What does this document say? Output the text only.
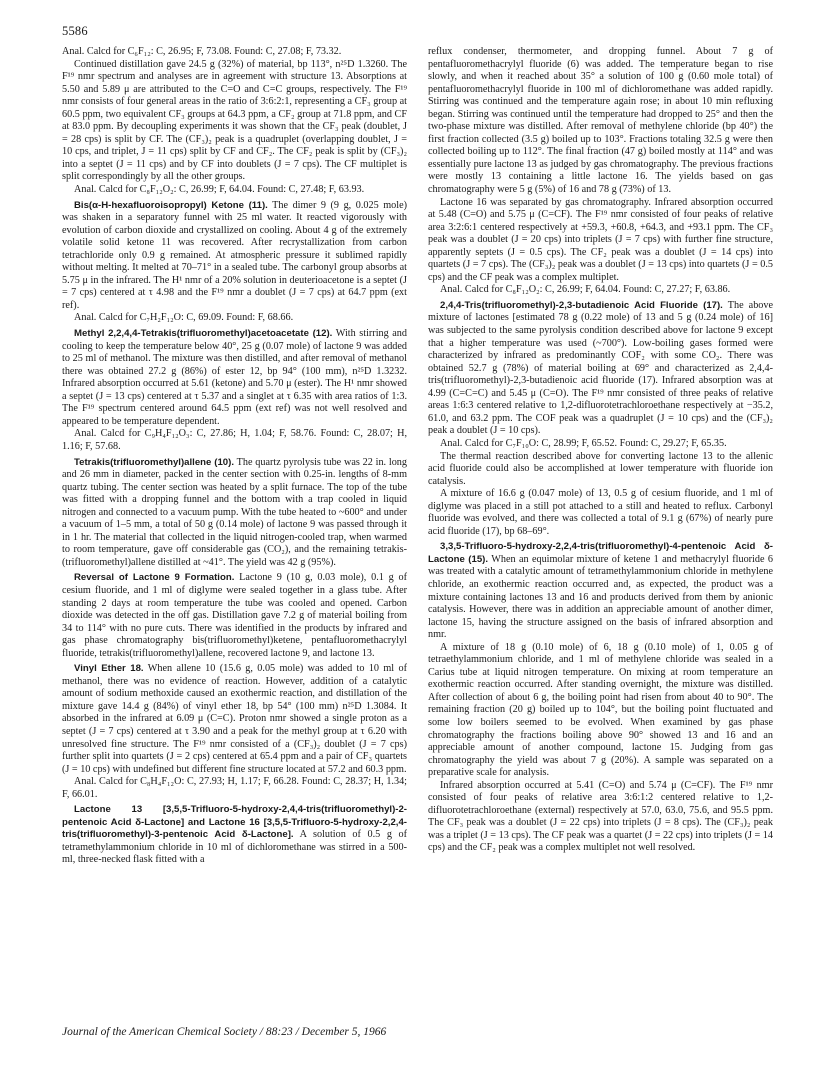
5586

Anal. Calcd for C₆F₁₂: C, 26.95; F, 73.08. Found: C, 27.08; F, 73.32.

Continued distillation gave 24.5 g (32%) of material, bp 113°, n²⁵D 1.3260. The F¹⁹ nmr spectrum and analyses are in agreement with structure 13. Absorptions at 5.50 and 5.89 μ are attributed to the C=O and C=C groups, respectively. The F¹⁹ nmr consists of four general areas in the ratio of 3:6:2:1, representing a CF₃ group at 60.5 ppm, two equivalent CF₃ groups at 64.3 ppm, a CF₂ group at 71.8 ppm, and CF at 83.0 ppm. By decoupling experiments it was shown that the CF₃ peak (doublet, J = 28 cps) is split by CF. The (CF₃)₂ peak is a quadruplet (overlapping doublet, J = 10 cps, and triplet, J = 11 cps) split by CF and CF₂. The CF₂ peak is split by (CF₃)₂ into a septet (J = 11 cps) and by CF into doublets (J = 7 cps). The CF multiplet is split correspondingly by all the other groups.

Anal. Calcd for C₈F₁₂O₂: C, 26.99; F, 64.04. Found: C, 27.48; F, 63.93.

Bis(α-H-hexafluoroisopropyl) Ketone (11). The dimer 9 (9 g, 0.025 mole) was shaken in a separatory funnel with 25 ml water. It reacted vigorously with evolution of carbon dioxide and crystallized on cooling. About 4 g of the extremely volatile solid ketone 11 was recovered. After recrystallization from carbon tetrachloride only 0.9 g remained. At atmospheric pressure it sublimed rapidly without melting. It melted at 70–71° in a sealed tube. The carbonyl group absorbs at 5.75 μ in the infrared. The H¹ nmr of a 20% solution in deuterioacetone is a septet (J = 7 cps) centered at τ 4.98 and the F¹⁹ nmr a doublet (J = 7 cps) at 64.7 ppm (ext ref).

Anal. Calcd for C₇H₂F₁₂O: C, 69.09. Found: F, 68.66.

Methyl 2,2,4,4-Tetrakis(trifluoromethyl)acetoacetate (12). With stirring and cooling to keep the temperature below 40°, 25 g (0.07 mole) of lactone 9 was added to 25 ml of methanol. The mixture was then distilled, and after removal of methanol there was obtained 27.2 g (86%) of ester 12, bp 94° (100 mm), n²⁵D 1.3232. Infrared absorption occurred at 5.61 (ketone) and 5.70 μ (ester). The H¹ nmr showed a septet (J = 13 cps) centered at τ 5.37 and a singlet at τ 6.35 with area ratios of 1:3. The F¹⁹ spectrum centered around 64.5 ppm (ext ref) was not well resolved and appeared to be temperature dependent.

Anal. Calcd for C₉H₄F₁₂O₃: C, 27.86; H, 1.04; F, 58.76. Found: C, 28.07; H, 1.16; F, 57.68.

Tetrakis(trifluoromethyl)allene (10). The quartz pyrolysis tube was 22 in. long and 26 mm in diameter, packed in the center section with 0.25-in. lengths of 8-mm quartz tubing. The center section was heated by a split furnace. The top of the tube was fitted with a dropping funnel and the bottom with a trap cooled in liquid nitrogen and connected to a vacuum pump. With the tube heated to ~600° and under a vacuum of 1–5 mm, a total of 50 g (0.14 mole) of lactone 9 was passed through it in 1 hr. The material that collected in the liquid nitrogen-cooled trap, when warmed to room temperature, gave off considerable gas (CO₂), and the remaining tetrakis-(trifluoromethyl)allene distilled at ~41°. The yield was 42 g (95%).

Reversal of Lactone 9 Formation. Lactone 9 (10 g, 0.03 mole), 0.1 g of cesium fluoride, and 1 ml of diglyme were sealed together in a glass tube. After standing 2 days at room temperature the tube was cooled and opened. Carbon dioxide was detected in the off gas. Distillation gave 7.2 g of material boiling from 34 to 114° with no pure cuts. There was identified in the products by infrared and gas phase chromatography bis(trifluoromethyl)ketene, pentafluoromethacrylyl fluoride, tetrakis(trifluoromethyl)allene, recovered lactone 9, and lactone 13.

Vinyl Ether 18. When allene 10 (15.6 g, 0.05 mole) was added to 10 ml of methanol, there was no evidence of reaction. However, addition of a catalytic amount of sodium methoxide caused an exothermic reaction, and distillation of the mixture gave 14.4 g (84%) of vinyl ether 18, bp 54° (100 mm) n²⁵D 1.3084. It absorbed in the infrared at 6.09 μ (C=C). Proton nmr showed a single proton as a septet (J = 7 cps) centered at τ 3.90 and a peak for the methyl group at τ 6.20 with unresolved fine structure. The F¹⁹ nmr consisted of a (CF₃)₂ doublet (J = 7 cps) further split into quartets (J = 2 cps) centered at 65.4 ppm and a pair of CF₃ quartets (J = 10 cps) with undefined but different fine structure located at 57.2 and 60.3 ppm.

Anal. Calcd for C₈H₄F₁₂O: C, 27.93; H, 1.17; F, 66.28. Found: C, 28.37; H, 1.34; F, 66.01.

Lactone 13 [3,5,5-Trifluoro-5-hydroxy-2,4,4-tris(trifluoromethyl)-2-pentenoic Acid δ-Lactone] and Lactone 16 [3,5,5-Trifluoro-5-hydroxy-2,2,4-tris(trifluoromethyl)-3-pentenoic Acid δ-Lactone]. A solution of 0.5 g of tetramethylammonium chloride in 10 ml of dichloromethane was stirred in a 500-ml, three-necked flask fitted with a

reflux condenser, thermometer, and dropping funnel. About 7 g of pentafluoromethacrylyl fluoride (6) was added. The temperature began to rise slowly, and when it reached about 35° a solution of 100 g (0.60 mole total) of pentafluoromethacrylyl fluoride in 100 ml of dichloromethane was added rapidly. Stirring was continued and the temperature again rose; in about 10 min refluxing began. Stirring was continued until the temperature had dropped to 25° and then the two-phase mixture was distilled. After removal of methylene chloride (bp 40°) the first fraction collected (3.5 g) boiled up to 103°. Fractions totaling 32.5 g were then collected boiling up to 112°. The final fraction (47 g) boiled mostly at 114° and was essentially pure lactone 13 as judged by gas chromatography. The previous fractions were mostly 13 containing a little lactone 16. The yields based on gas chromatography were 5 g (5%) of 16 and 78 g (73%) of 13.

Lactone 16 was separated by gas chromatography. Infrared absorption occurred at 5.48 (C=O) and 5.75 μ (C=CF). The F¹⁹ nmr consisted of four peaks of relative area 3:2:6:1 centered respectively at +59.3, +60.8, +64.3, and +93.1 ppm. The CF₃ peak was a doublet (J = 20 cps) into triplets (J = 7 cps) with further fine structure, apparently septets (J = 0.5 cps). The CF₂ peak was a doublet (J = 14 cps) into quartets (J = 7 cps). The (CF₃)₂ peak was a doublet (J = 13 cps) into quartets (J = 0.5 cps) and the CF peak was a complex multiplet.

Anal. Calcd for C₈F₁₂O₂: C, 26.99; F, 64.04. Found: C, 27.27; F, 63.86.

2,4,4-Tris(trifluoromethyl)-2,3-butadienoic Acid Fluoride (17). The above mixture of lactones [estimated 78 g (0.22 mole) of 13 and 5 g (0.24 mole) of 16] was subjected to the same pyrolysis condition described above for lactone 9 except that a higher temperature was used (~700°). Low-boiling gases formed were characterized by infrared as predominantly COF₂ with some CO₂. There was obtained 52.7 g (78%) of material boiling at 69° and characterized as 2,4,4-tris(trifluoromethyl)-2,3-butadienoic acid fluoride (17). Infrared absorption was at 4.99 (C=C=C) and 5.45 μ (C=O). The F¹⁹ nmr consisted of three peaks of relative areas 1:6:3 centered relative to 1,2-difluorotetrachloroethane respectively at −35.2, 61.0, and 63.2 ppm. The COF peak was a quadruplet (J = 10 cps) and the (CF₃)₂ peak a doublet (J = 10 cps).

Anal. Calcd for C₇F₁₀O: C, 28.99; F, 65.52. Found: C, 29.27; F, 65.35.

The thermal reaction described above for converting lactone 13 to the allenic acid fluoride could also be accomplished at lower temperature with fluoride ion catalysis.

A mixture of 16.6 g (0.047 mole) of 13, 0.5 g of cesium fluoride, and 1 ml of diglyme was placed in a still pot attached to a still and heated to reflux. Carbonyl fluoride was evolved, and there was collected a total of 9.1 g (67%) of nearly pure acid fluoride (17), bp 68–69°.

3,3,5-Trifluoro-5-hydroxy-2,2,4-tris(trifluoromethyl)-4-pentenoic Acid δ-Lactone (15). When an equimolar mixture of ketene 1 and methacrylyl fluoride 6 was treated with a catalytic amount of tetramethylammonium chloride in methylene chloride, an exothermic reaction occurred and, as expected, the product was a mixture containing lactones 13 and 16 and products derived from them by anionic catalysis. However, there was in addition an appreciable amount of another dimer, lactone 15, having the structure assigned on the basis of infrared absorption and nmr.

A mixture of 18 g (0.10 mole) of 6, 18 g (0.10 mole) of 1, 0.05 g of tetraethylammonium chloride, and 1 ml of methylene chloride was sealed in a Carius tube at liquid nitrogen temperature. On mixing at room temperature an exothermic reaction occurred. After standing overnight, the mixture was distilled. After collection of about 6 g, the boiling point had risen from about 40 to 90°. The remaining fraction (20 g) boiled up to 104°, but the boiling point fluctuated and some low boilers seemed to be evolved. When examined by gas phase chromatography the fractions boiling above 90° showed 13 and 16 and an appreciable amount of another compound, lactone 15. Judging from gas chromatography the yield was about 7 g (20%). A sample was separated on a preparative scale for analysis.

Infrared absorption occurred at 5.41 (C=O) and 5.74 μ (C=CF). The F¹⁹ nmr consisted of four peaks of relative area 3:6:1:2 centered relative to 1,2-difluorotetrachloroethane (external) respectively at 57.0, 63.0, 75.6, and 95.5 ppm. The CF₃ peak was a doublet (J = 22 cps) into triplets (J = 8 cps). The (CF₃)₂ peak was a triplet (J = 13 cps). The CF peak was a quartet (J = 22 cps) into triplets (J = 14 cps) and the CF₂ peak was a complex multiplet not well resolved.

Journal of the American Chemical Society / 88:23 / December 5, 1966
